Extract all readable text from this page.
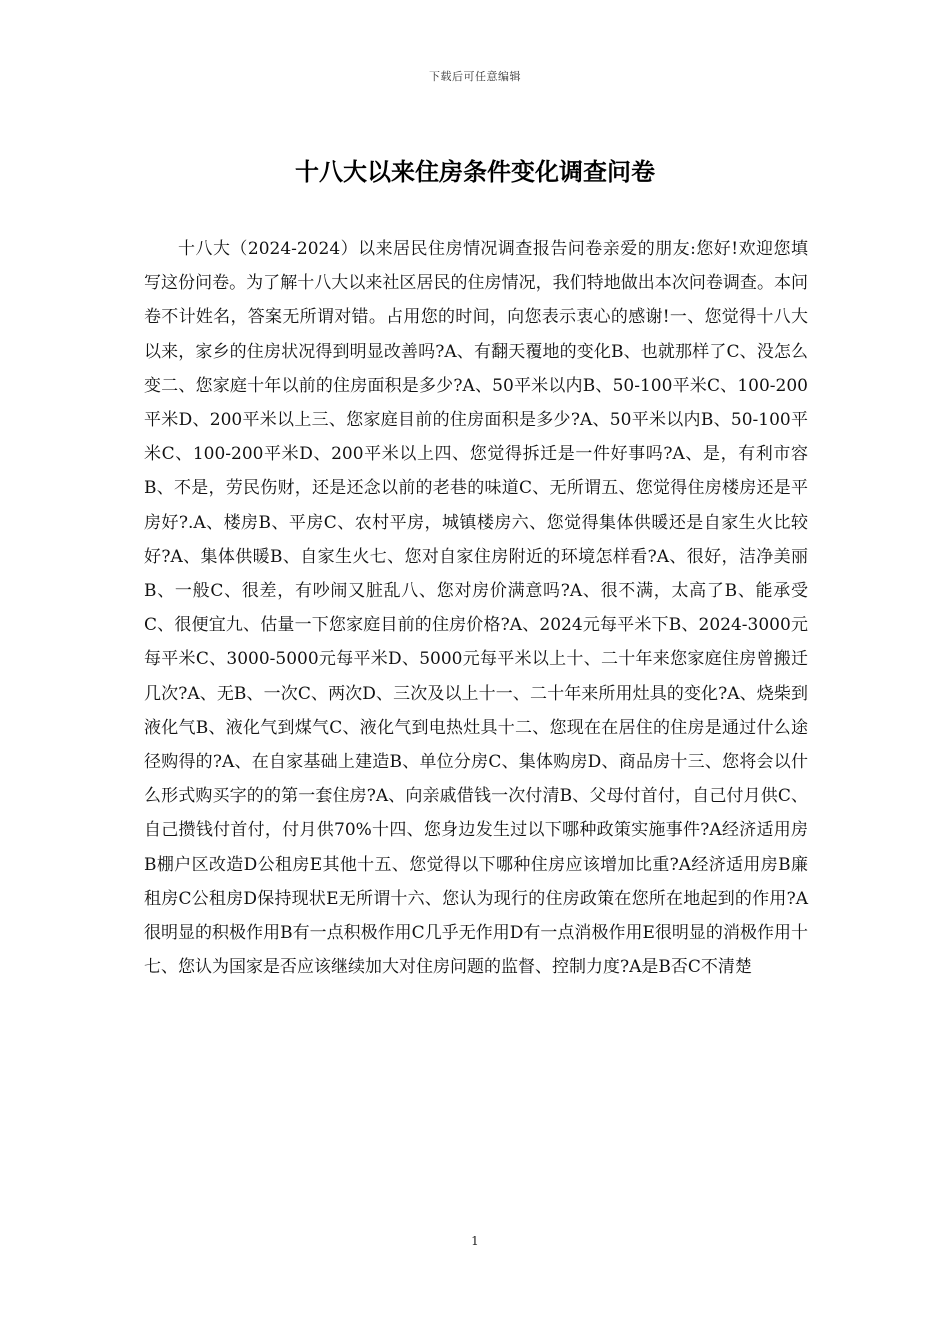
下载后可任意编辑
十八大以来住房条件变化调查问卷

十八大（2024-2024）以来居民住房情况调查报告问卷亲爱的朋友:您好!欢迎您填写这份问卷。为了解十八大以来社区居民的住房情况，我们特地做出本次问卷调查。本问卷不计姓名，答案无所谓对错。占用您的时间，向您表示衷心的感谢!一、您觉得十八大以来，家乡的住房状况得到明显改善吗?A、有翻天覆地的变化B、也就那样了C、没怎么变二、您家庭十年以前的住房面积是多少?A、50平米以内B、50-100平米C、100-200平米D、200平米以上三、您家庭目前的住房面积是多少?A、50平米以内B、50-100平米C、100-200平米D、200平米以上四、您觉得拆迁是一件好事吗?A、是，有利市容B、不是，劳民伤财，还是还念以前的老巷的味道C、无所谓五、您觉得住房楼房还是平房好?.A、楼房B、平房C、农村平房，城镇楼房六、您觉得集体供暖还是自家生火比较好?A、集体供暖B、自家生火七、您对自家住房附近的环境怎样看?A、很好，洁净美丽B、一般C、很差，有吵闹又脏乱八、您对房价满意吗?A、很不满，太高了B、能承受C、很便宜九、估量一下您家庭目前的住房价格?A、2024元每平米下B、2024-3000元每平米C、3000-5000元每平米D、5000元每平米以上十、二十年来您家庭住房曾搬迁几次?A、无B、一次C、两次D、三次及以上十一、二十年来所用灶具的变化?A、烧柴到液化气B、液化气到煤气C、液化气到电热灶具十二、您现在在居住的住房是通过什么途径购得的?A、在自家基础上建造B、单位分房C、集体购房D、商品房十三、您将会以什么形式购买字的的第一套住房?A、向亲戚借钱一次付清B、父母付首付，自己付月供C、自己攒钱付首付，付月供70%十四、您身边发生过以下哪种政策实施事件?A经济适用房B棚户区改造D公租房E其他十五、您觉得以下哪种住房应该增加比重?A经济适用房B廉租房C公租房D保持现状E无所谓十六、您认为现行的住房政策在您所在地起到的作用?A很明显的积极作用B有一点积极作用C几乎无作用D有一点消极作用E很明显的消极作用十七、您认为国家是否应该继续加大对住房问题的监督、控制力度?A是B否C不清楚

1
